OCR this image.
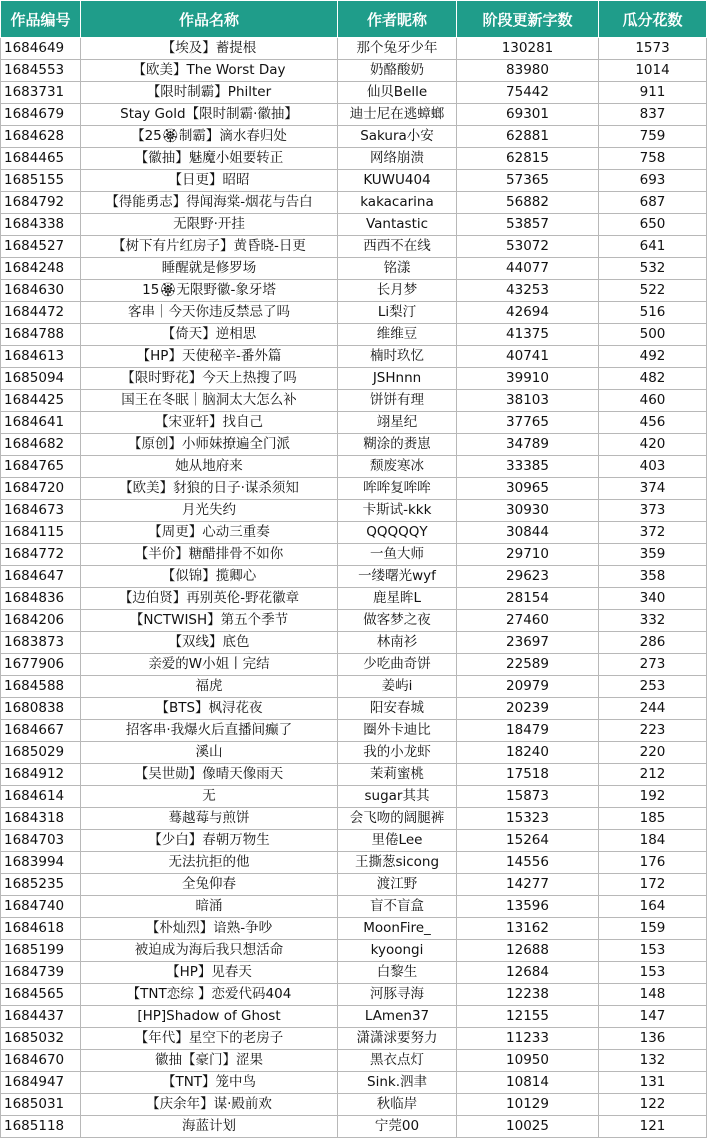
作品编号	作品名称	作者昵称	阶段更新字数	瓜分花数
1684649	【埃及】蓄提根	那个兔牙少年	130281	1573
1684553	【欧美】The Worst Day	奶酪酸奶	83980	1014
1683731	【限时制霸】Philter	仙贝Belle	75442	911
1684679	Stay Gold【限时制霸·徽抽】	迪士尼在逃蟑螂	69301	837
1684628	【25🏵制霸】滴水春归处	Sakura小安	62881	759
1684465	【徽抽】魅魔小姐要转正	网络崩溃	62815	758
1685155	【日更】昭昭	KUWU404	57365	693
1684792	【得能勇志】得闻海棠-烟花与告白	kakacarina	56882	687
1684338	无限野·开挂	Vantastic	53857	650
1684527	【树下有片红房子】黄昏晓-日更	西西不在线	53072	641
1684248	睡醒就是修罗场	铭漾	44077	532
1684630	15🏵无限野徽-象牙塔	长月梦	43253	522
1684472	客串｜今天你违反禁忌了吗	Li梨汀	42694	516
1684788	【倚天】逆相思	维维豆	41375	500
1684613	【HP】天使秘辛-番外篇	楠时玖忆	40741	492
1685094	【限时野花】今天上热搜了吗	JSHnnn	39910	482
1684425	国王在冬眠｜脑洞太大怎么补	饼饼有理	38103	460
1684641	【宋亚轩】找自己	翊星纪	37765	456
1684682	【原创】小师妹撩遍全门派	糊涂的赉崽	34789	420
1684765	她从地府来	颓废寒冰	33385	403
1684720	【欧美】豺狼的日子·谋杀须知	哞哞复哞哞	30965	374
1684673	月光失约	卡斯试-kkk	30930	373
1684115	【周更】心动三重奏	QQQQQY	30844	372
1684772	【半价】糖醋排骨不如你	一鱼大师	29710	359
1684647	【似锦】揽卿心	一缕曙光wyf	29623	358
1684836	【边伯贤】再别英伦-野花徽章	鹿星眸L	28154	340
1684206	【NCTWISH】第五个季节	做客梦之夜	27460	332
1683873	【双线】底色	林南衫	23697	286
1677906	亲爱的W小姐丨完结	少吃曲奇饼	22589	273
1684588	福虎	姜屿i	20979	253
1680838	【BTS】枫浔花夜	阳安春城	20239	244
1684667	招客串·我爆火后直播间癫了	圈外卡迪比	18479	223
1685029	溪山	我的小龙虾	18240	220
1684912	【吴世勋】像晴天像雨天	茉莉蜜桃	17518	212
1684614	无	sugar其其	15873	192
1684318	蓦越莓与煎饼	会飞吻的阔腿裤	15323	185
1684703	【少白】春朝万物生	里倦Lee	15264	184
1683994	无法抗拒的他	王撕葱sicong	14556	176
1685235	全兔仰春	渡江野	14277	172
1684740	暗涌	盲不盲盒	13596	164
1684618	【朴灿烈】谙熟-争吵	MoonFire_	13162	159
1685199	被迫成为海后我只想活命	kyoongi	12688	153
1684739	【HP】见春天	白黎生	12684	153
1684565	【TNT恋综 】恋爱代码404	河豚寻海	12238	148
1684437	[HP]Shadow of Ghost	LAmen37	12155	147
1685032	【年代】星空下的老房子	潇潇浗要努力	11233	136
1684670	徽抽【豪门】涩果	黑衣点灯	10950	132
1684947	【TNT】笼中鸟	Sink.泗聿	10814	131
1685031	【庆余年】谋·殿前欢	秋临岸	10129	122
1685118	海蓝计划	宁莞00	10025	121
